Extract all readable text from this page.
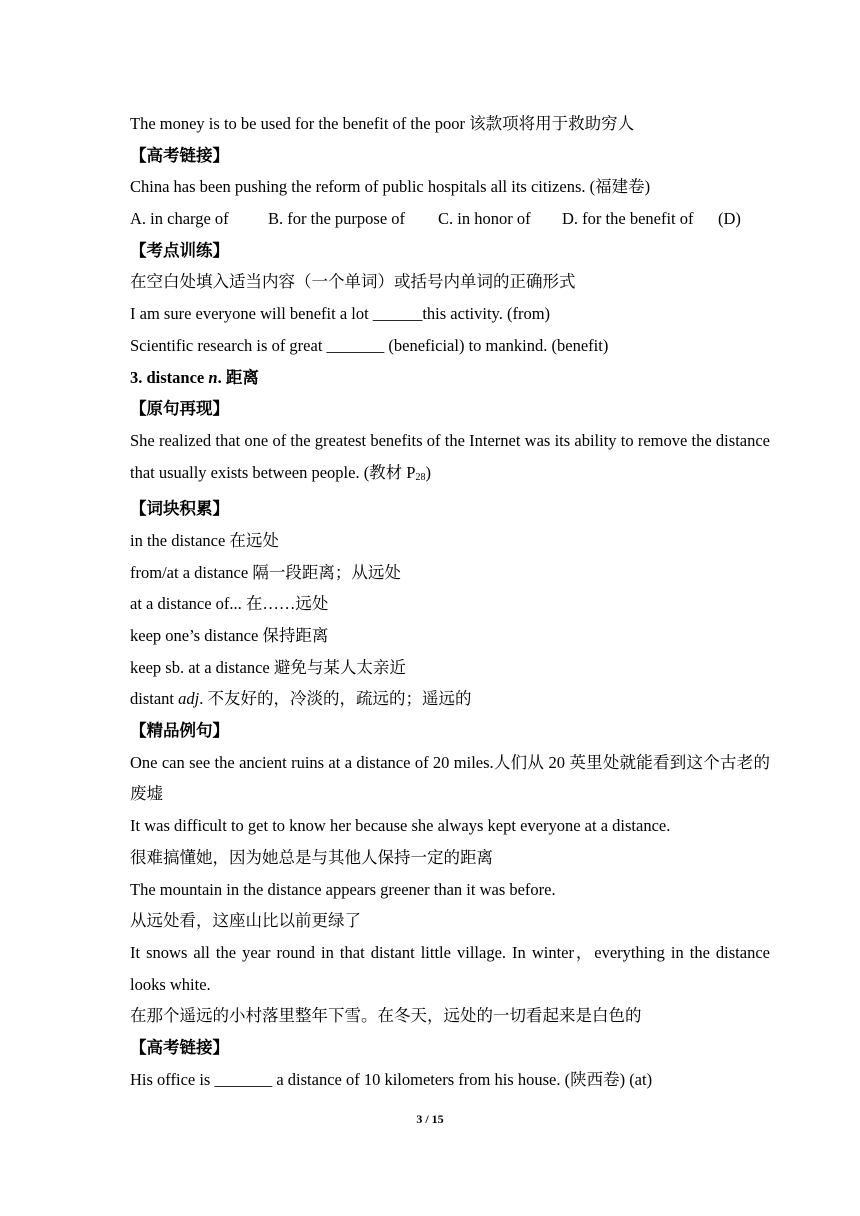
The money is to be used for the benefit of the poor 该款项将用于救助穷人
【高考链接】
China has been pushing the reform of public hospitals all its citizens. (福建卷)
A. in charge of B. for the purpose of C. in honor of D. for the benefit of (D)
【考点训练】
在空白处填入适当内容（一个单词）或括号内单词的正确形式
I am sure everyone will benefit a lot ______this activity. (from)
Scientific research is of great _______ (beneficial) to mankind. (benefit)
3. distance n. 距离
【原句再现】
She realized that one of the greatest benefits of the Internet was its ability to remove the distance that usually exists between people. (教材 $P_{28}$)
【词块积累】
in the distance 在远处
from/at a distance 隔一段距离；从远处
at a distance of... 在……远处
keep one’s distance 保持距离
keep sb. at a distance 避免与某人太亲近
distant adj. 不友好的，冷淡的，疏远的；遥远的
【精品例句】
One can see the ancient ruins at a distance of 20 miles.人们从 20 英里处就能看到这个古老的废墟
It was difficult to get to know her because she always kept everyone at a distance.
很难搞懂她，因为她总是与其他人保持一定的距离
The mountain in the distance appears greener than it was before.
从远处看，这座山比以前更绿了
It snows all the year round in that distant little village. In winter，everything in the distance looks white.
在那个遥远的小村落里整年下雪。在冬天，远处的一切看起来是白色的
【高考链接】
His office is _______ a distance of 10 kilometers from his house. (陕西卷) (at)
3 / 15
